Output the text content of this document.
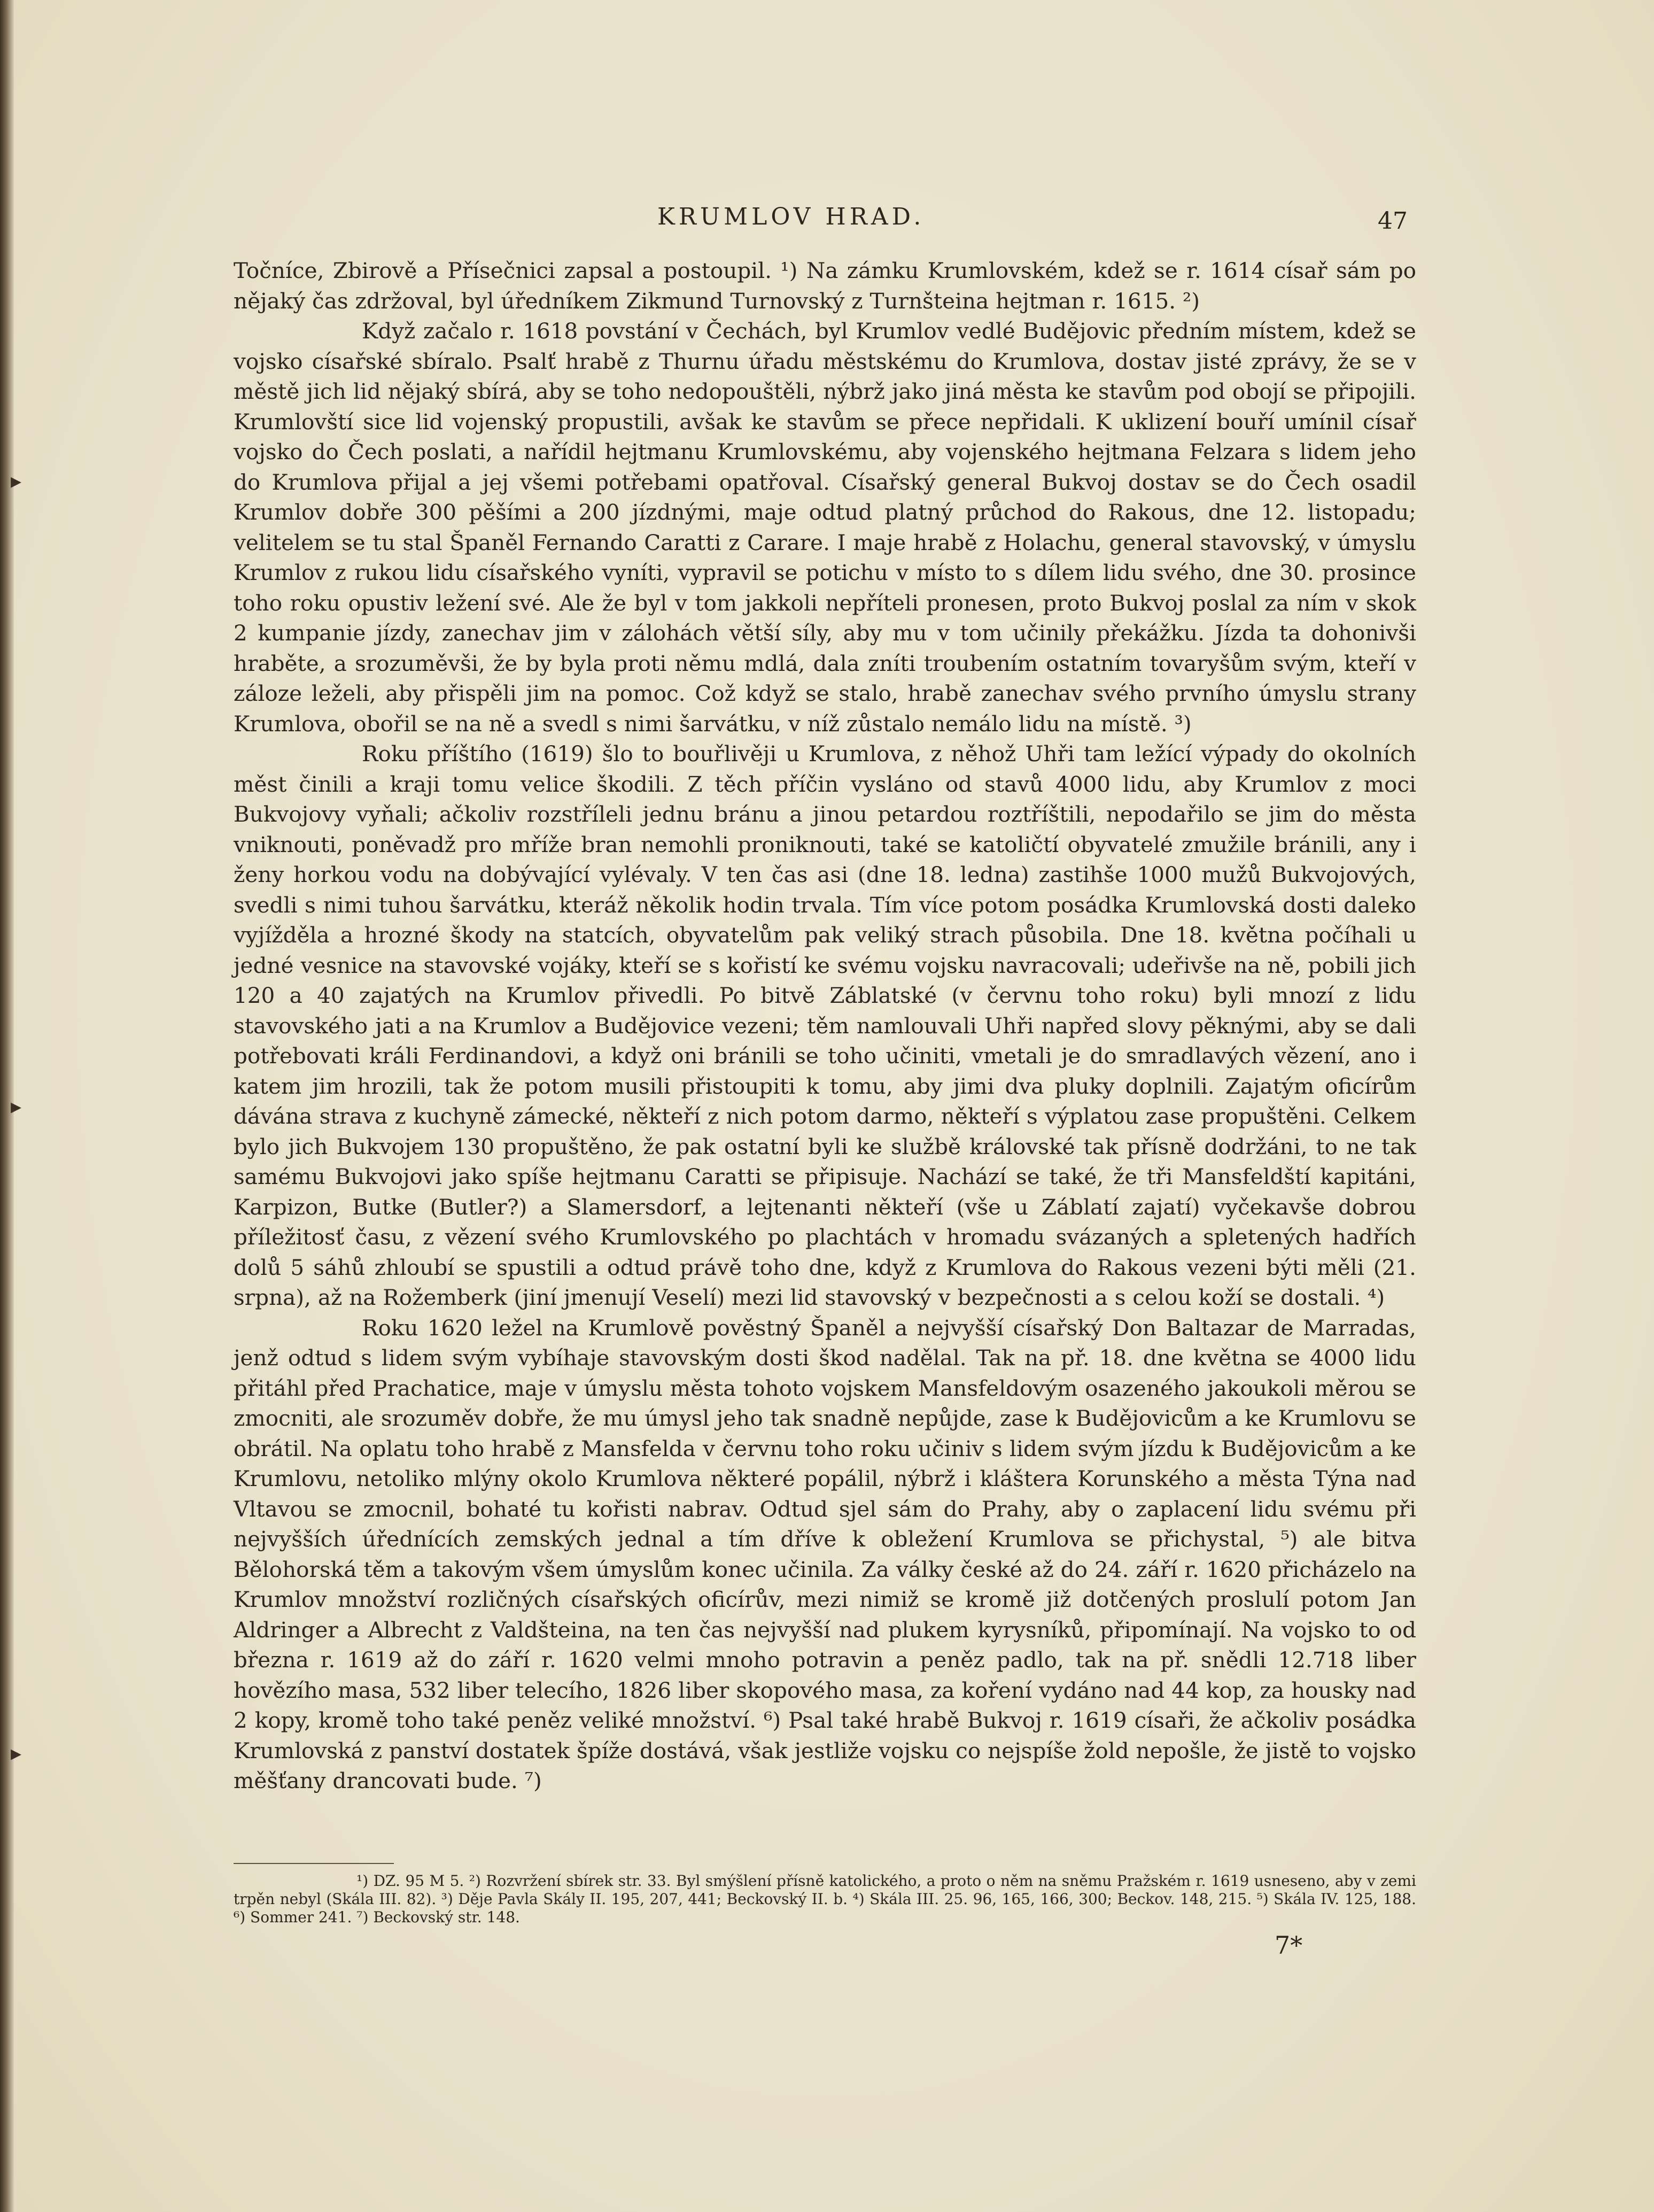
▸
▸
▸
KRUMLOV HRAD.	47

Točníce, Zbirově a Přísečnici zapsal a postoupil. ¹) Na zámku Krumlovském, kdež se r. 1614 císař sám po nějaký čas zdržoval, byl úředníkem Zikmund Turnovský z Turnšteina hejtman r. 1615. ²)

Když začalo r. 1618 povstání v Čechách, byl Krumlov vedlé Budějovic předním místem, kdež se vojsko císařské sbíralo. Psalť hrabě z Thurnu úřadu městskému do Krumlova, dostav jisté zprávy, že se v městě jich lid nějaký sbírá, aby se toho nedopouštěli, nýbrž jako jiná města ke stavům pod obojí se připojili. Krumlovští sice lid vojenský propustili, avšak ke stavům se přece nepřidali. K uklizení bouří umínil císař vojsko do Čech poslati, a nařídil hejtmanu Krumlovskému, aby vojenského hejtmana Felzara s lidem jeho do Krumlova přijal a jej všemi potřebami opatřoval. Císařský general Bukvoj dostav se do Čech osadil Krumlov dobře 300 pěšími a 200 jízdnými, maje odtud platný průchod do Rakous, dne 12. listopadu; velitelem se tu stal Španěl Fernando Caratti z Carare. I maje hrabě z Holachu, general stavovský, v úmyslu Krumlov z rukou lidu císařského vyníti, vypravil se potichu v místo to s dílem lidu svého, dne 30. prosince toho roku opustiv ležení své. Ale že byl v tom jakkoli nepříteli pronesen, proto Bukvoj poslal za ním v skok 2 kumpanie jízdy, zanechav jim v zálohách větší síly, aby mu v tom učinily překážku. Jízda ta dohonivši hraběte, a srozuměvši, že by byla proti němu mdlá, dala zníti troubením ostatním tovaryšům svým, kteří v záloze leželi, aby přispěli jim na pomoc. Což když se stalo, hrabě zanechav svého prvního úmyslu strany Krumlova, obořil se na ně a svedl s nimi šarvátku, v níž zůstalo nemálo lidu na místě. ³)

Roku příštího (1619) šlo to bouřlivěji u Krumlova, z něhož Uhři tam ležící výpady do okolních měst činili a kraji tomu velice škodili. Z těch příčin vysláno od stavů 4000 lidu, aby Krumlov z moci Bukvojovy vyňali; ačkoliv rozstříleli jednu bránu a jinou petardou roztříštili, nepodařilo se jim do města vniknouti, poněvadž pro mříže bran nemohli proniknouti, také se katoličtí obyvatelé zmužile bránili, any i ženy horkou vodu na dobývající vylévaly. V ten čas asi (dne 18. ledna) zastihše 1000 mužů Bukvojových, svedli s nimi tuhou šarvátku, kteráž několik hodin trvala. Tím více potom posádka Krumlovská dosti daleko vyjížděla a hrozné škody na statcích, obyvatelům pak veliký strach působila. Dne 18. května počíhali u jedné vesnice na stavovské vojáky, kteří se s kořistí ke svému vojsku navracovali; udeřivše na ně, pobili jich 120 a 40 zajatých na Krumlov přivedli. Po bitvě Záblatské (v červnu toho roku) byli mnozí z lidu stavovského jati a na Krumlov a Budějovice vezeni; těm namlouvali Uhři napřed slovy pěknými, aby se dali potřebovati králi Ferdinandovi, a když oni bránili se toho učiniti, vmetali je do smradlavých vězení, ano i katem jim hrozili, tak že potom musili přistoupiti k tomu, aby jimi dva pluky doplnili. Zajatým oficírům dávána strava z kuchyně zámecké, někteří z nich potom darmo, někteří s výplatou zase propuštěni. Celkem bylo jich Bukvojem 130 propuštěno, že pak ostatní byli ke službě královské tak přísně dodržáni, to ne tak samému Bukvojovi jako spíše hejtmanu Caratti se připisuje. Nachází se také, že tři Mansfeldští kapitáni, Karpizon, Butke (Butler?) a Slamersdorf, a lejtenanti někteří (vše u Záblatí zajatí) vyčekavše dobrou příležitosť času, z vězení svého Krumlovského po plachtách v hromadu svázaných a spletených hadřích dolů 5 sáhů zhloubí se spustili a odtud právě toho dne, když z Krumlova do Rakous vezeni býti měli (21. srpna), až na Rožemberk (jiní jmenují Veselí) mezi lid stavovský v bezpečnosti a s celou koží se dostali. ⁴)

Roku 1620 ležel na Krumlově pověstný Španěl a nejvyšší císařský Don Baltazar de Marradas, jenž odtud s lidem svým vybíhaje stavovským dosti škod nadělal. Tak na př. 18. dne května se 4000 lidu přitáhl před Prachatice, maje v úmyslu města tohoto vojskem Mansfeldovým osazeného jakoukoli měrou se zmocniti, ale srozuměv dobře, že mu úmysl jeho tak snadně nepůjde, zase k Budějovicům a ke Krumlovu se obrátil. Na oplatu toho hrabě z Mansfelda v červnu toho roku učiniv s lidem svým jízdu k Budějovicům a ke Krumlovu, netoliko mlýny okolo Krumlova některé popálil, nýbrž i kláštera Korunského a města Týna nad Vltavou se zmocnil, bohaté tu kořisti nabrav. Odtud sjel sám do Prahy, aby o zaplacení lidu svému při nejvyšších úřednících zemských jednal a tím dříve k obležení Krumlova se přichystal, ⁵) ale bitva Bělohorská těm a takovým všem úmyslům konec učinila. Za války české až do 24. září r. 1620 přicházelo na Krumlov množství rozličných císařských oficírův, mezi nimiž se kromě již dotčených proslulí potom Jan Aldringer a Albrecht z Valdšteina, na ten čas nejvyšší nad plukem kyrysníků, připomínají. Na vojsko to od března r. 1619 až do září r. 1620 velmi mnoho potravin a peněz padlo, tak na př. snědli 12.718 liber hovězího masa, 532 liber telecího, 1826 liber skopového masa, za koření vydáno nad 44 kop, za housky nad 2 kopy, kromě toho také peněz veliké množství. ⁶) Psal také hrabě Bukvoj r. 1619 císaři, že ačkoliv posádka Krumlovská z panství dostatek špíže dostává, však jestliže vojsku co nejspíše žold nepošle, že jistě to vojsko měšťany drancovati bude. ⁷)

¹) DZ. 95 M 5. ²) Rozvržení sbírek str. 33. Byl smýšlení přísně katolického, a proto o něm na sněmu Pražském r. 1619 usneseno, aby v zemi trpěn nebyl (Skála III. 82). ³) Děje Pavla Skály II. 195, 207, 441; Beckovský II. b. ⁴) Skála III. 25. 96, 165, 166, 300; Beckov. 148, 215. ⁵) Skála IV. 125, 188. ⁶) Sommer 241. ⁷) Beckovský str. 148.

7*
